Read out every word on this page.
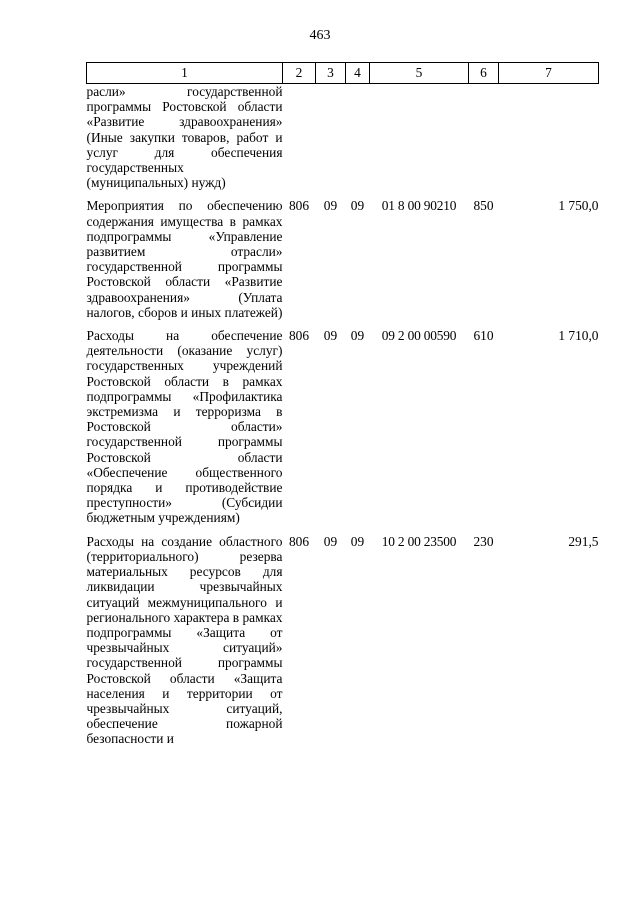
463
1	2	3	4	5	6	7
расли» государственной программы Ростовской области «Развитие здравоохранения» (Иные закупки товаров, работ и услуг для обеспечения государственных (муниципальных) нужд)						

Мероприятия по обеспечению содержания имущества в рамках подпрограммы «Управление развитием отрасли» государственной программы Ростовской области «Развитие здравоохранения» (Уплата налогов, сборов и иных платежей)	806	09	09	01 8 00 90210	850	1 750,0

Расходы на обеспечение деятельности (оказание услуг) государственных учреждений Ростовской области в рамках подпрограммы «Профилактика экстремизма и терроризма в Ростовской области» государственной программы Ростовской области «Обеспечение общественного порядка и противодействие преступности» (Субсидии бюджетным учреждениям)	806	09	09	09 2 00 00590	610	1 710,0

Расходы на создание областного (территориального) резерва материальных ресурсов для ликвидации чрезвычайных ситуаций межмуниципального и регионального характера в рамках подпрограммы «Защита от чрезвычайных ситуаций» государственной программы Ростовской области «Защита населения и территории от чрезвычайных ситуаций, обеспечение пожарной безопасности и	806	09	09	10 2 00 23500	230	291,5
